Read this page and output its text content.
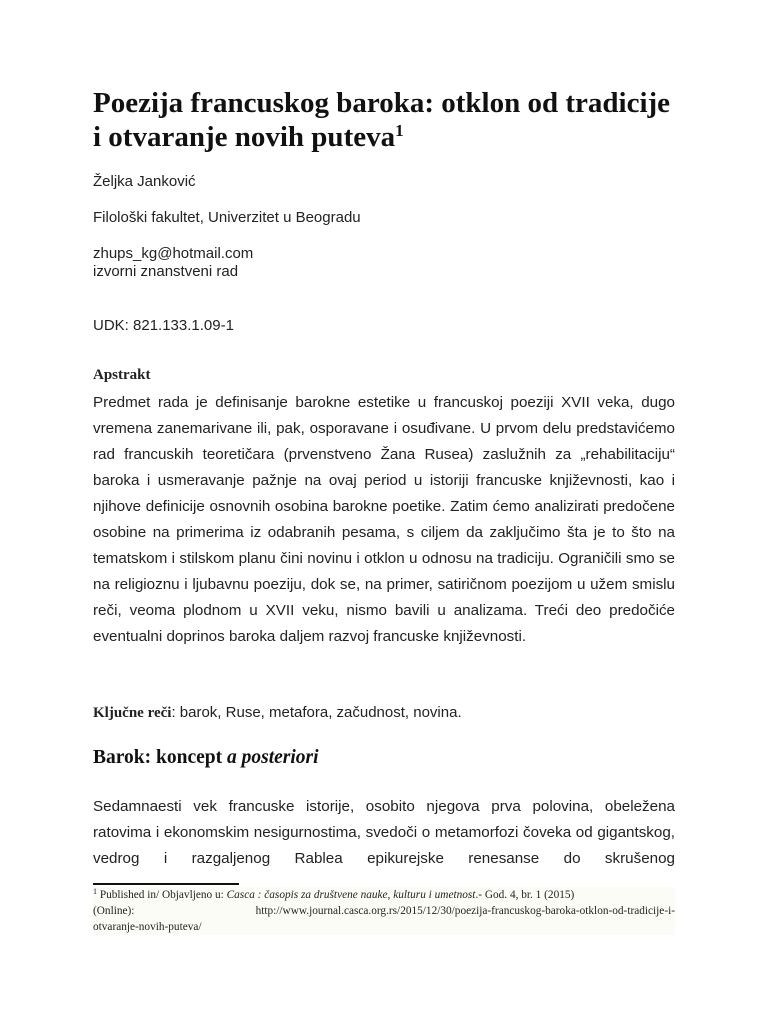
Poezija francuskog baroka: otklon od tradicije i otvaranje novih puteva$^1$
Željka Janković
Filološki fakultet, Univerzitet u Beogradu
zhups_kg@hotmail.com
izvorni znanstveni rad
UDK: 821.133.1.09-1
Apstrakt

Predmet rada je definisanje barokne estetike u francuskoj poeziji XVII veka, dugo vremena zanemarivane ili, pak, osporavane i osuđivane. U prvom delu predstavićemo rad francuskih teoretičara (prvenstveno Žana Rusea) zaslužnih za „rehabilitaciju“ baroka i usmeravanje pažnje na ovaj period u istoriji francuske književnosti, kao i njihove definicije osnovnih osobina barokne poetike. Zatim ćemo analizirati predočene osobine na primerima iz odabranih pesama, s ciljem da zaključimo šta je to što na tematskom i stilskom planu čini novinu i otklon u odnosu na tradiciju. Ograničili smo se na religioznu i ljubavnu poeziju, dok se, na primer, satiričnom poezijom u užem smislu reči, veoma plodnom u XVII veku, nismo bavili u analizama. Treći deo predočiće eventualni doprinos baroka daljem razvoj francuske književnosti.

Ključne reči: barok, Ruse, metafora, začudnost, novina.
Barok: koncept a posteriori

Sedamnaesti vek francuske istorije, osobito njegova prva polovina, obeležena ratovima i ekonomskim nesigurnostima, svedoči o metamorfozi čoveka od gigantskog, vedrog i razgaljenog Rablea epikurejske renesanse do skrušenog

$^1$ Published in/ Objavljeno u: Casca : časopis za društvene nauke, kulturu i umetnost.- God. 4, br. 1 (2015)
(Online):	http://www.journal.casca.org.rs/2015/12/30/poezija-francuskog-baroka-otklon-od-tradicije-i-
otvaranje-novih-puteva/
